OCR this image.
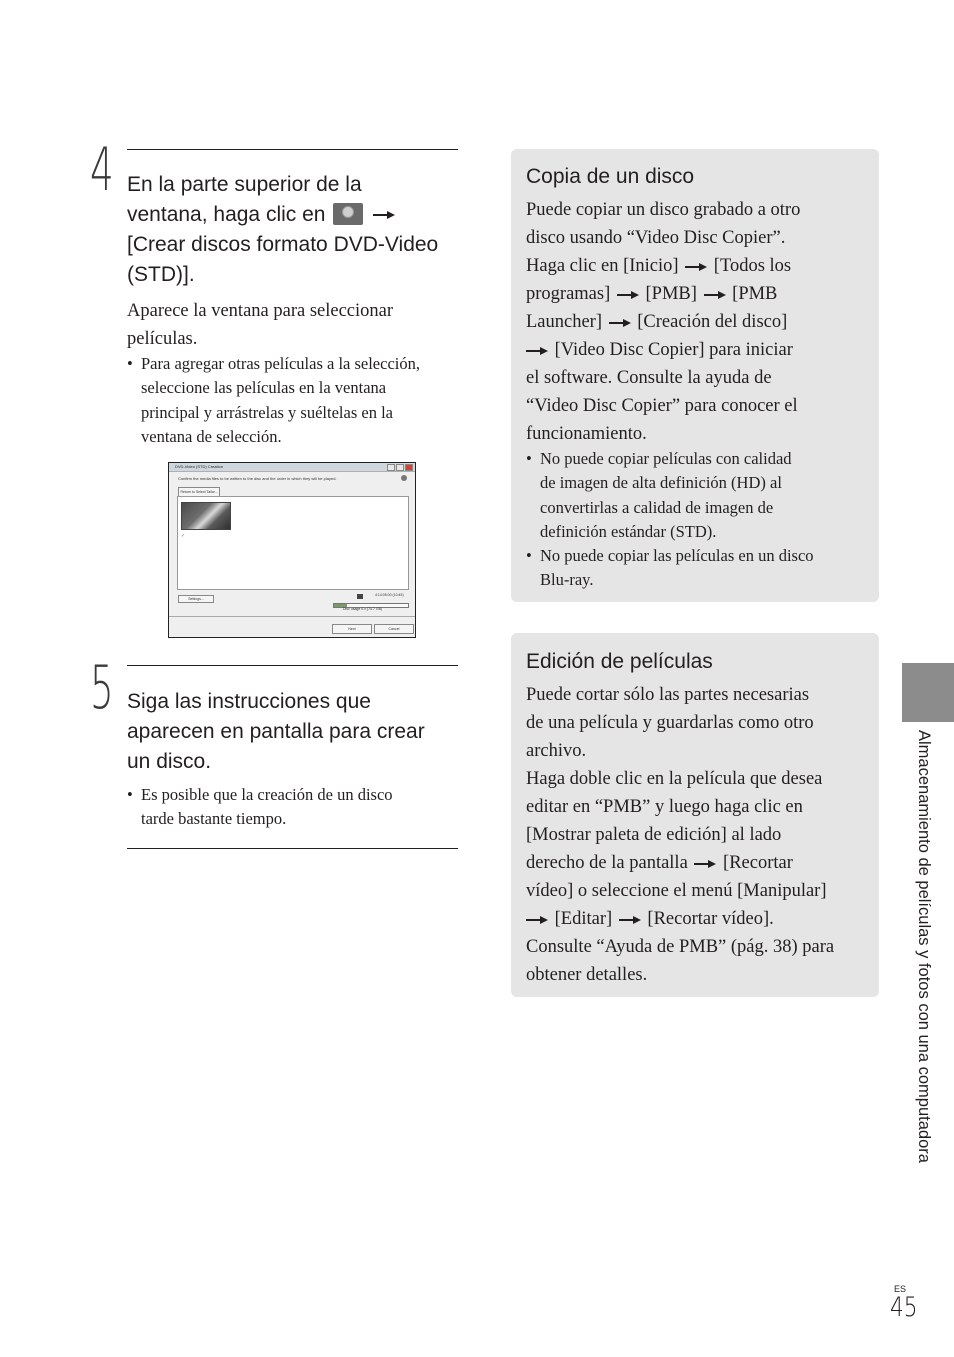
4 En la parte superior de la
ventana, haga clic en
[Crear discos formato DVD-Video
(STD)].
Aparece la ventana para seleccionar
películas.
• Para agregar otras películas a la selección,
seleccione las películas en la ventana
principal y arrástrelas y suéltelas en la
ventana de selección.
DVD-Video (STD) Creation
Confirm the media files to be written to the disc and the order in which they will be played.
Return to Select Tailor...
✓
Settings...
4:14:05:00 (10:45)
Disc usage 0.x (74.7 GB)
Next	Cancel
5 Siga las instrucciones que
aparecen en pantalla para crear
un disco.
• Es posible que la creación de un disco
tarde bastante tiempo.
Copia de un disco
Puede copiar un disco grabado a otro
disco usando “Video Disc Copier”.
Haga clic en [Inicio] [Todos los
programas] [PMB] [PMB
Launcher] [Creación del disco]
[Video Disc Copier] para iniciar
el software. Consulte la ayuda de
“Video Disc Copier” para conocer el
funcionamiento.
• No puede copiar películas con calidad
de imagen de alta definición (HD) al
convertirlas a calidad de imagen de
definición estándar (STD).
• No puede copiar las películas en un disco
Blu-ray.
Edición de películas
Puede cortar sólo las partes necesarias
de una película y guardarlas como otro
archivo.
Haga doble clic en la película que desea
editar en “PMB” y luego haga clic en
[Mostrar paleta de edición] al lado
derecho de la pantalla [Recortar
vídeo] o seleccione el menú [Manipular]
[Editar] [Recortar vídeo].
Consulte “Ayuda de PMB” (pág. 38) para
obtener detalles.	Almacenamiento de películas y fotos con una computadora
ES
45
